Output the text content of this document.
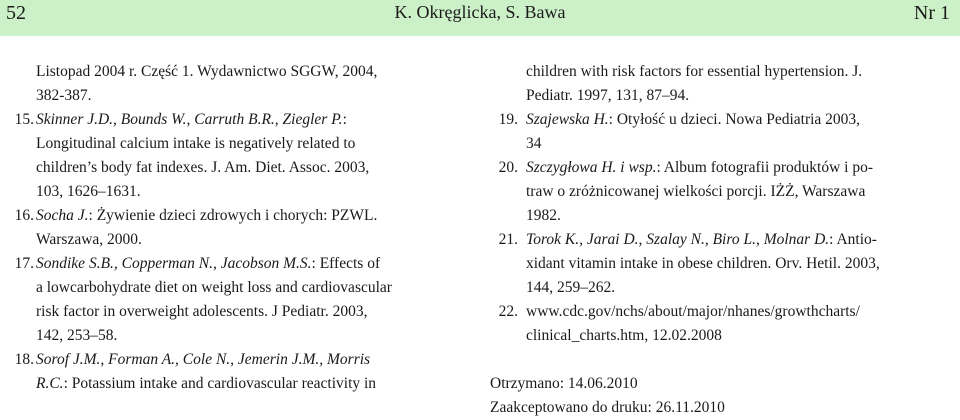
52	K. Okręglicka, S. Bawa	Nr 1
Listopad 2004 r. Część 1. Wydawnictwo SGGW, 2004,
382-387.
15. Skinner J.D., Bounds W., Carruth B.R., Ziegler P.:
Longitudinal calcium intake is negatively related to
children’s body fat indexes. J. Am. Diet. Assoc. 2003,
103, 1626–1631.
16. Socha J.: Żywienie dzieci zdrowych i chorych: PZWL.
Warszawa, 2000.
17. Sondike S.B., Copperman N., Jacobson M.S.: Effects of
a lowcarbohydrate diet on weight loss and cardiovascular
risk factor in overweight adolescents. J Pediatr. 2003,
142, 253–58.
18. Sorof J.M., Forman A., Cole N., Jemerin J.M., Morris
R.C.: Potassium intake and cardiovascular reactivity in
children with risk factors for essential hypertension. J.
Pediatr. 1997, 131, 87–94.
19. Szajewska H.: Otyłość u dzieci. Nowa Pediatria 2003,
34
20. Szczygłowa H. i wsp.: Album fotografii produktów i po-
traw o zróżnicowanej wielkości porcji. IŻŻ, Warszawa
1982.
21. Torok K., Jarai D., Szalay N., Biro L., Molnar D.: Antio-
xidant vitamin intake in obese children. Orv. Hetil. 2003,
144, 259–262.
22. www.cdc.gov/nchs/about/major/nhanes/growthcharts/
clinical_charts.htm, 12.02.2008
Otrzymano: 14.06.2010
Zaakceptowano do druku: 26.11.2010
